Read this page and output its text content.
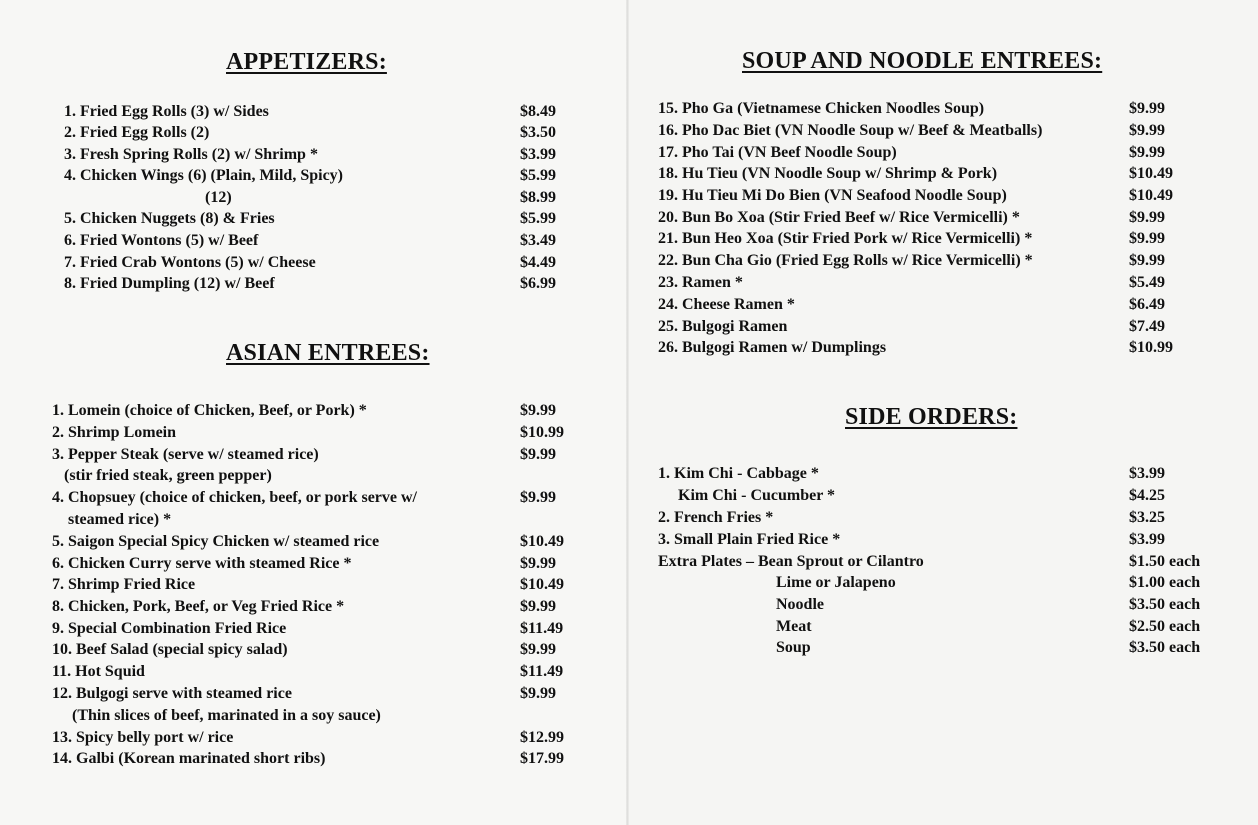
APPETIZERS:
1. Fried Egg Rolls (3) w/ Sides	$8.49
2. Fried Egg Rolls (2)	$3.50
3. Fresh Spring Rolls (2) w/ Shrimp *	$3.99
4. Chicken Wings (6) (Plain, Mild, Spicy)	$5.99
(12)	$8.99
5. Chicken Nuggets (8) & Fries	$5.99
6. Fried Wontons (5) w/ Beef	$3.49
7. Fried Crab Wontons (5) w/ Cheese	$4.49
8. Fried Dumpling (12) w/ Beef	$6.99
ASIAN ENTREES:
1. Lomein (choice of Chicken, Beef, or Pork) *	$9.99
2. Shrimp Lomein	$10.99
3. Pepper Steak (serve w/ steamed rice)	$9.99
(stir fried steak, green pepper)
4. Chopsuey (choice of chicken, beef, or pork serve w/	$9.99
steamed rice) *
5. Saigon Special Spicy Chicken w/ steamed rice	$10.49
6. Chicken Curry serve with steamed Rice *	$9.99
7. Shrimp Fried Rice	$10.49
8. Chicken, Pork, Beef, or Veg Fried Rice *	$9.99
9. Special Combination Fried Rice	$11.49
10. Beef Salad (special spicy salad)	$9.99
11. Hot Squid	$11.49
12. Bulgogi serve with steamed rice	$9.99
(Thin slices of beef, marinated in a soy sauce)
13. Spicy belly port w/ rice	$12.99
14. Galbi (Korean marinated short ribs)	$17.99
SOUP AND NOODLE ENTREES:
15. Pho Ga (Vietnamese Chicken Noodles Soup)	$9.99
16. Pho Dac Biet (VN Noodle Soup w/ Beef & Meatballs)	$9.99
17. Pho Tai (VN Beef Noodle Soup)	$9.99
18. Hu Tieu (VN Noodle Soup w/ Shrimp & Pork)	$10.49
19. Hu Tieu Mi Do Bien (VN Seafood Noodle Soup)	$10.49
20. Bun Bo Xoa (Stir Fried Beef w/ Rice Vermicelli) *	$9.99
21. Bun Heo Xoa (Stir Fried Pork w/ Rice Vermicelli) *	$9.99
22. Bun Cha Gio (Fried Egg Rolls w/ Rice Vermicelli) *	$9.99
23. Ramen *	$5.49
24. Cheese Ramen *	$6.49
25. Bulgogi Ramen	$7.49
26. Bulgogi Ramen w/ Dumplings	$10.99
SIDE ORDERS:
1. Kim Chi - Cabbage *	$3.99
Kim Chi - Cucumber *	$4.25
2. French Fries *	$3.25
3. Small Plain Fried Rice *	$3.99
Extra Plates – Bean Sprout or Cilantro	$1.50 each
Lime or Jalapeno	$1.00 each
Noodle	$3.50 each
Meat	$2.50 each
Soup	$3.50 each
